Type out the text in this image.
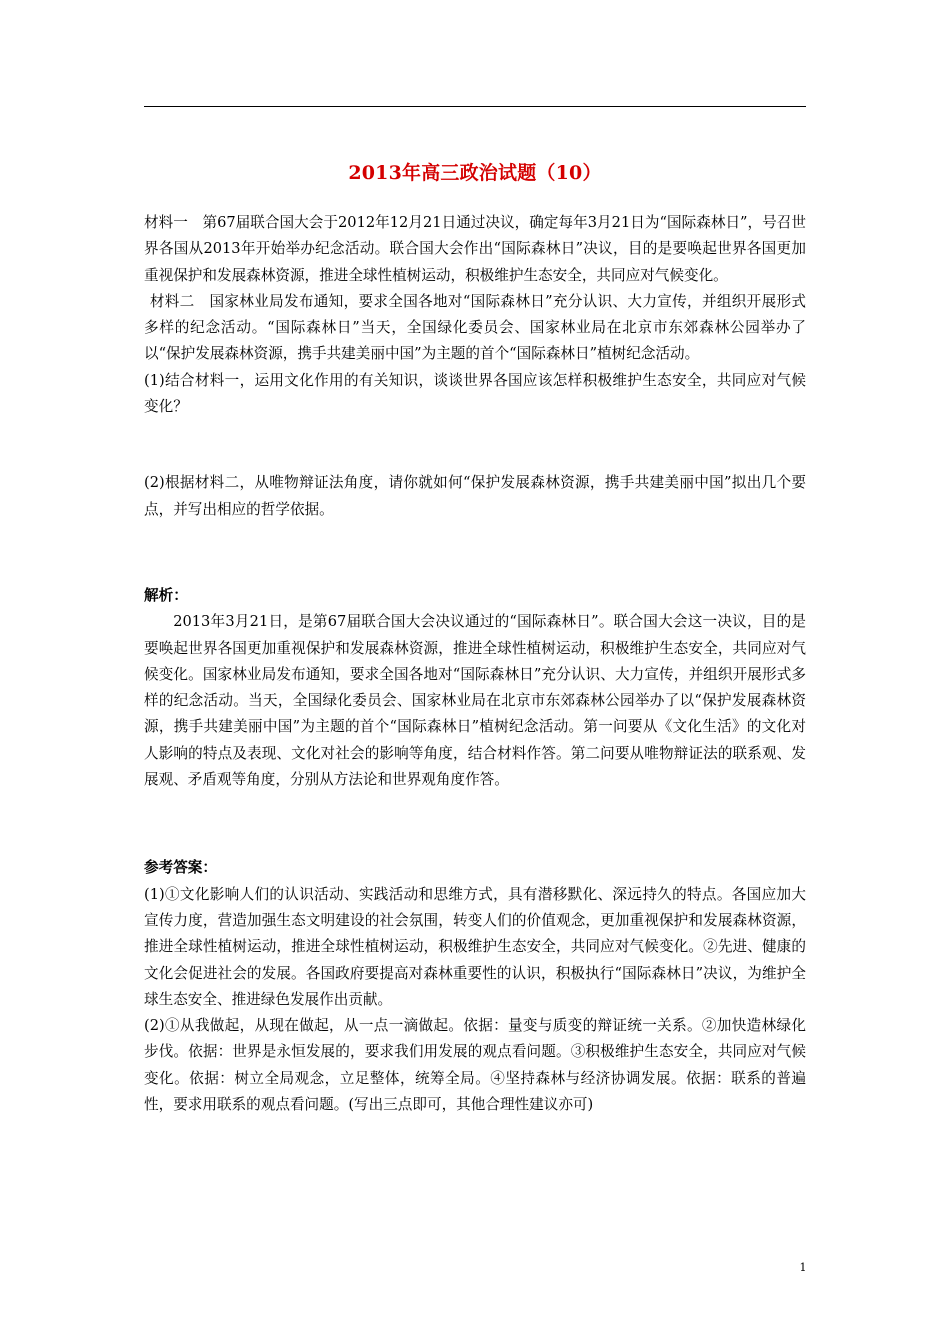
2013年高三政治试题（10）

材料一　第67届联合国大会于2012年12月21日通过决议，确定每年3月21日为“国际森林日”，号召世界各国从2013年开始举办纪念活动。联合国大会作出“国际森林日”决议，目的是要唤起世界各国更加重视保护和发展森林资源，推进全球性植树运动，积极维护生态安全，共同应对气候变化。

材料二　国家林业局发布通知，要求全国各地对“国际森林日”充分认识、大力宣传，并组织开展形式多样的纪念活动。“国际森林日”当天，全国绿化委员会、国家林业局在北京市东郊森林公园举办了以“保护发展森林资源，携手共建美丽中国”为主题的首个“国际森林日”植树纪念活动。

(1)结合材料一，运用文化作用的有关知识，谈谈世界各国应该怎样积极维护生态安全，共同应对气候变化？

(2)根据材料二，从唯物辩证法角度，请你就如何“保护发展森林资源，携手共建美丽中国”拟出几个要点，并写出相应的哲学依据。

解析：

2013年3月21日，是第67届联合国大会决议通过的“国际森林日”。联合国大会这一决议，目的是要唤起世界各国更加重视保护和发展森林资源，推进全球性植树运动，积极维护生态安全，共同应对气候变化。国家林业局发布通知，要求全国各地对“国际森林日”充分认识、大力宣传，并组织开展形式多样的纪念活动。当天，全国绿化委员会、国家林业局在北京市东郊森林公园举办了以“保护发展森林资源，携手共建美丽中国”为主题的首个“国际森林日”植树纪念活动。第一问要从《文化生活》的文化对人影响的特点及表现、文化对社会的影响等角度，结合材料作答。第二问要从唯物辩证法的联系观、发展观、矛盾观等角度，分别从方法论和世界观角度作答。

参考答案：

(1)①文化影响人们的认识活动、实践活动和思维方式，具有潜移默化、深远持久的特点。各国应加大宣传力度，营造加强生态文明建设的社会氛围，转变人们的价值观念，更加重视保护和发展森林资源，推进全球性植树运动，推进全球性植树运动，积极维护生态安全，共同应对气候变化。②先进、健康的文化会促进社会的发展。各国政府要提高对森林重要性的认识，积极执行“国际森林日”决议，为维护全球生态安全、推进绿色发展作出贡献。

(2)①从我做起，从现在做起，从一点一滴做起。依据：量变与质变的辩证统一关系。②加快造林绿化步伐。依据：世界是永恒发展的，要求我们用发展的观点看问题。③积极维护生态安全，共同应对气候变化。依据：树立全局观念，立足整体，统筹全局。④坚持森林与经济协调发展。依据：联系的普遍性，要求用联系的观点看问题。(写出三点即可，其他合理性建议亦可)

1
